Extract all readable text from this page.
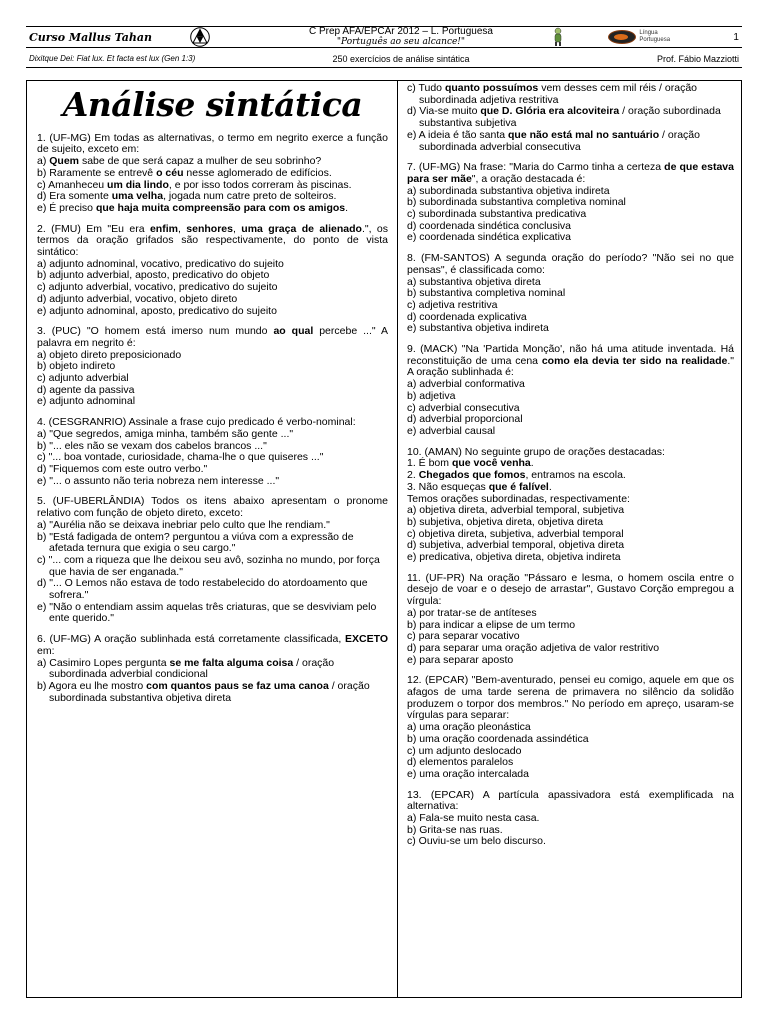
Curso Mallus Tahan	C Prep AFA/EPCAr 2012 – L. Portuguesa
"Português ao seu alcance!"
Língua
Portuguesa	1
Dixitque Dei: Fiat lux. Et facta est lux (Gen 1:3)	250 exercícios de análise sintática	Prof. Fábio Mazziotti
Análise sintática

1. (UF-MG) Em todas as alternativas, o termo em negrito exerce a função de sujeito, exceto em:

a) Quem sabe de que será capaz a mulher de seu sobrinho?
b) Raramente se entrevê o céu nesse aglomerado de edifícios.
c) Amanheceu um dia lindo, e por isso todos correram às piscinas.
d) Era somente uma velha, jogada num catre preto de solteiros.
e) É preciso que haja muita compreensão para com os amigos.

2. (FMU) Em "Eu era enfim, senhores, uma graça de alienado.", os termos da oração grifados são respectivamente, do ponto de vista sintático:

a) adjunto adnominal, vocativo, predicativo do sujeito
b) adjunto adverbial, aposto, predicativo do objeto
c) adjunto adverbial, vocativo, predicativo do sujeito
d) adjunto adverbial, vocativo, objeto direto
e) adjunto adnominal, aposto, predicativo do sujeito

3. (PUC) "O homem está imerso num mundo ao qual percebe ..." A palavra em negrito é:

a) objeto direto preposicionado
b) objeto indireto
c) adjunto adverbial
d) agente da passiva
e) adjunto adnominal

4. (CESGRANRIO) Assinale a frase cujo predicado é verbo-nominal:

a) "Que segredos, amiga minha, também são gente ..."
b) "... eles não se vexam dos cabelos brancos ..."
c) "... boa vontade, curiosidade, chama-lhe o que quiseres ..."
d) "Fiquemos com este outro verbo."
e) "... o assunto não teria nobreza nem interesse ..."

5. (UF-UBERLÂNDIA) Todos os itens abaixo apresentam o pronome relativo com função de objeto direto, exceto:

a) "Aurélia não se deixava inebriar pelo culto que lhe rendiam."
b) "Está fadigada de ontem? perguntou a viúva com a expressão de afetada ternura que exigia o seu cargo."
c) "... com a riqueza que lhe deixou seu avô, sozinha no mundo, por força que havia de ser enganada."
d) "... O Lemos não estava de todo restabelecido do atordoamento que sofrera."
e) "Não o entendiam assim aquelas três criaturas, que se desviviam pelo ente querido."

6. (UF-MG) A oração sublinhada está corretamente classificada, EXCETO em:

a) Casimiro Lopes pergunta se me falta alguma coisa / oração subordinada adverbial condicional
b) Agora eu lhe mostro com quantos paus se faz uma canoa / oração subordinada substantiva objetiva direta
c) Tudo quanto possuímos vem desses cem mil réis / oração subordinada adjetiva restritiva
d) Via-se muito que D. Glória era alcoviteira / oração subordinada substantiva subjetiva
e) A ideia é tão santa que não está mal no santuário / oração subordinada adverbial consecutiva

7. (UF-MG) Na frase: "Maria do Carmo tinha a certeza de que estava para ser mãe", a oração destacada é:

a) subordinada substantiva objetiva indireta
b) subordinada substantiva completiva nominal
c) subordinada substantiva predicativa
d) coordenada sindética conclusiva
e) coordenada sindética explicativa

8. (FM-SANTOS) A segunda oração do período? "Não sei no que pensas", é classificada como:

a) substantiva objetiva direta
b) substantiva completiva nominal
c) adjetiva restritiva
d) coordenada explicativa
e) substantiva objetiva indireta

9. (MACK) "Na 'Partida Monção', não há uma atitude inventada. Há reconstituição de uma cena como ela devia ter sido na realidade." A oração sublinhada é:

a) adverbial conformativa
b) adjetiva
c) adverbial consecutiva
d) adverbial proporcional
e) adverbial causal

10. (AMAN) No seguinte grupo de orações destacadas:

1. É bom que você venha.
2. Chegados que fomos, entramos na escola.
3. Não esqueças que é falível.
Temos orações subordinadas, respectivamente:
a) objetiva direta, adverbial temporal, subjetiva
b) subjetiva, objetiva direta, objetiva direta
c) objetiva direta, subjetiva, adverbial temporal
d) subjetiva, adverbial temporal, objetiva direta
e) predicativa, objetiva direta, objetiva indireta

11. (UF-PR) Na oração "Pássaro e lesma, o homem oscila entre o desejo de voar e o desejo de arrastar", Gustavo Corção empregou a vírgula:

a) por tratar-se de antíteses
b) para indicar a elipse de um termo
c) para separar vocativo
d) para separar uma oração adjetiva de valor restritivo
e) para separar aposto

12. (EPCAR) "Bem-aventurado, pensei eu comigo, aquele em que os afagos de uma tarde serena de primavera no silêncio da solidão produzem o torpor dos membros." No período em apreço, usaram-se vírgulas para separar:

a) uma oração pleonástica
b) uma oração coordenada assindética
c) um adjunto deslocado
d) elementos paralelos
e) uma oração intercalada

13. (EPCAR) A partícula apassivadora está exemplificada na alternativa:

a) Fala-se muito nesta casa.
b) Grita-se nas ruas.
c) Ouviu-se um belo discurso.
